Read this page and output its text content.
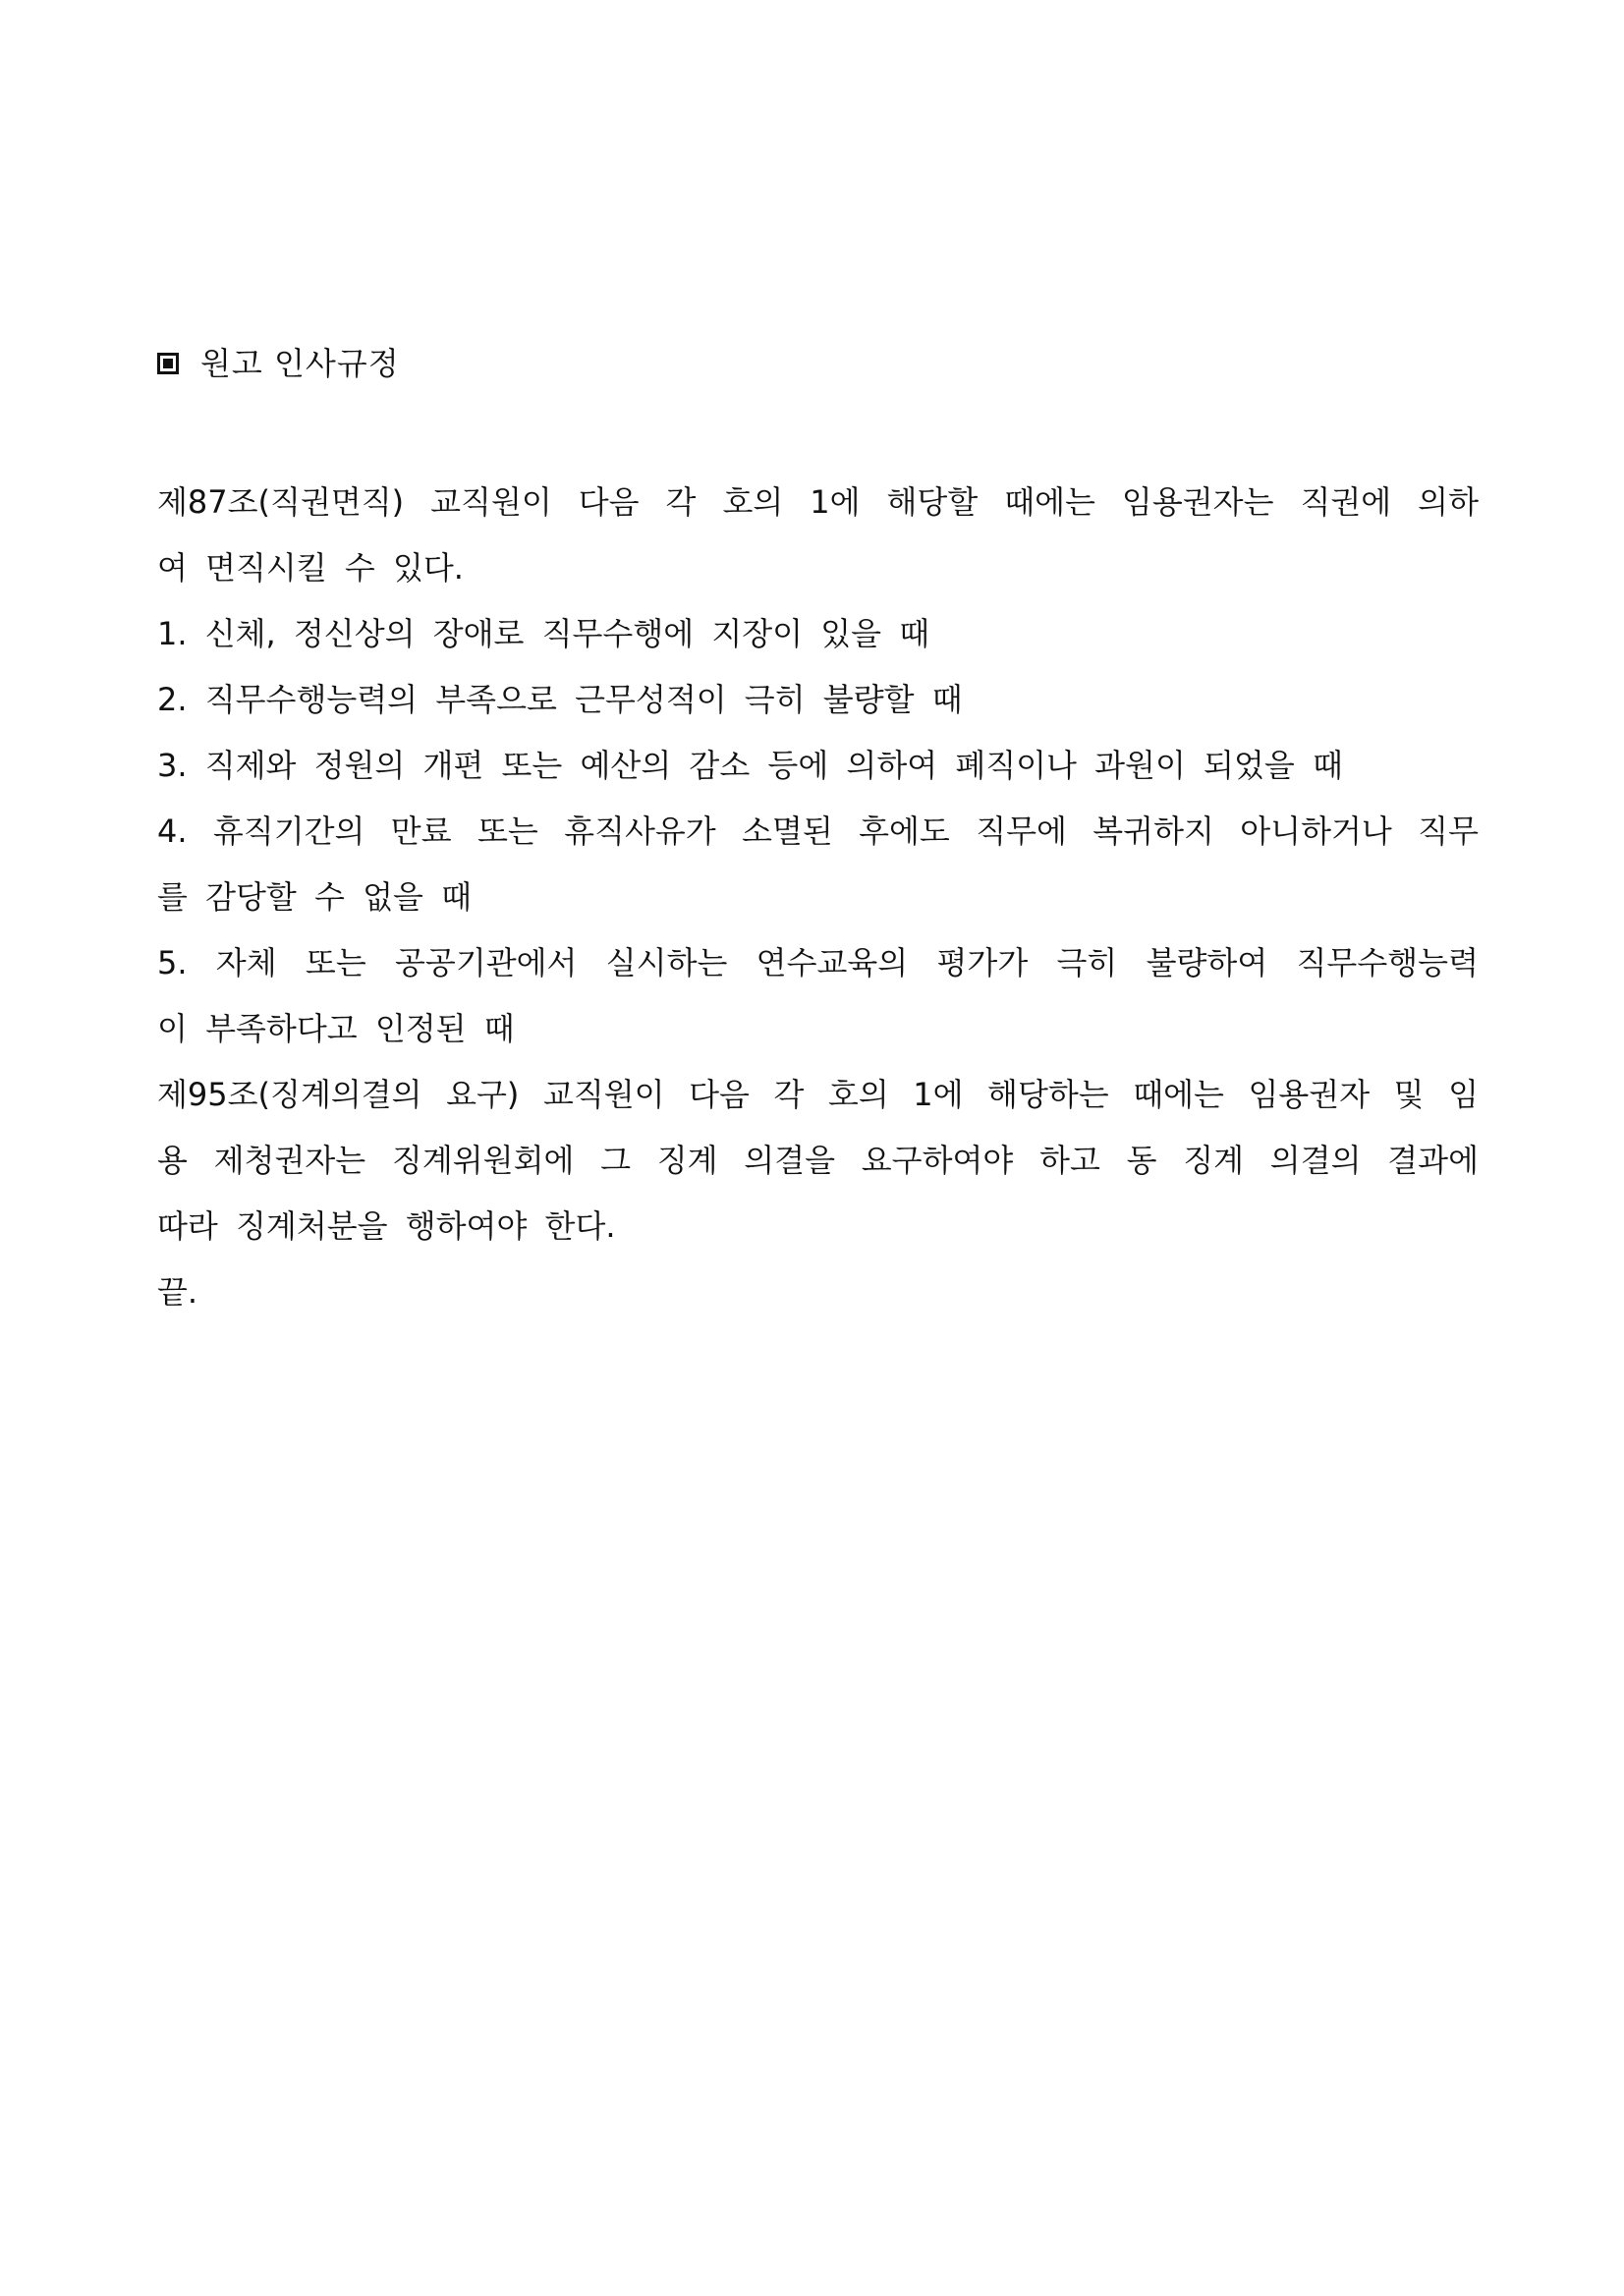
원고 인사규정
제87조(직권면직) 교직원이 다음 각 호의 1에 해당할 때에는 임용권자는 직권에 의하
여 면직시킬 수 있다.
1. 신체, 정신상의 장애로 직무수행에 지장이 있을 때
2. 직무수행능력의 부족으로 근무성적이 극히 불량할 때
3. 직제와 정원의 개편 또는 예산의 감소 등에 의하여 폐직이나 과원이 되었을 때
4. 휴직기간의 만료 또는 휴직사유가 소멸된 후에도 직무에 복귀하지 아니하거나 직무
를 감당할 수 없을 때
5. 자체 또는 공공기관에서 실시하는 연수교육의 평가가 극히 불량하여 직무수행능력
이 부족하다고 인정된 때
제95조(징계의결의 요구) 교직원이 다음 각 호의 1에 해당하는 때에는 임용권자 및 임
용 제청권자는 징계위원회에 그 징계 의결을 요구하여야 하고 동 징계 의결의 결과에
따라 징계처분을 행하여야 한다.
끝.
